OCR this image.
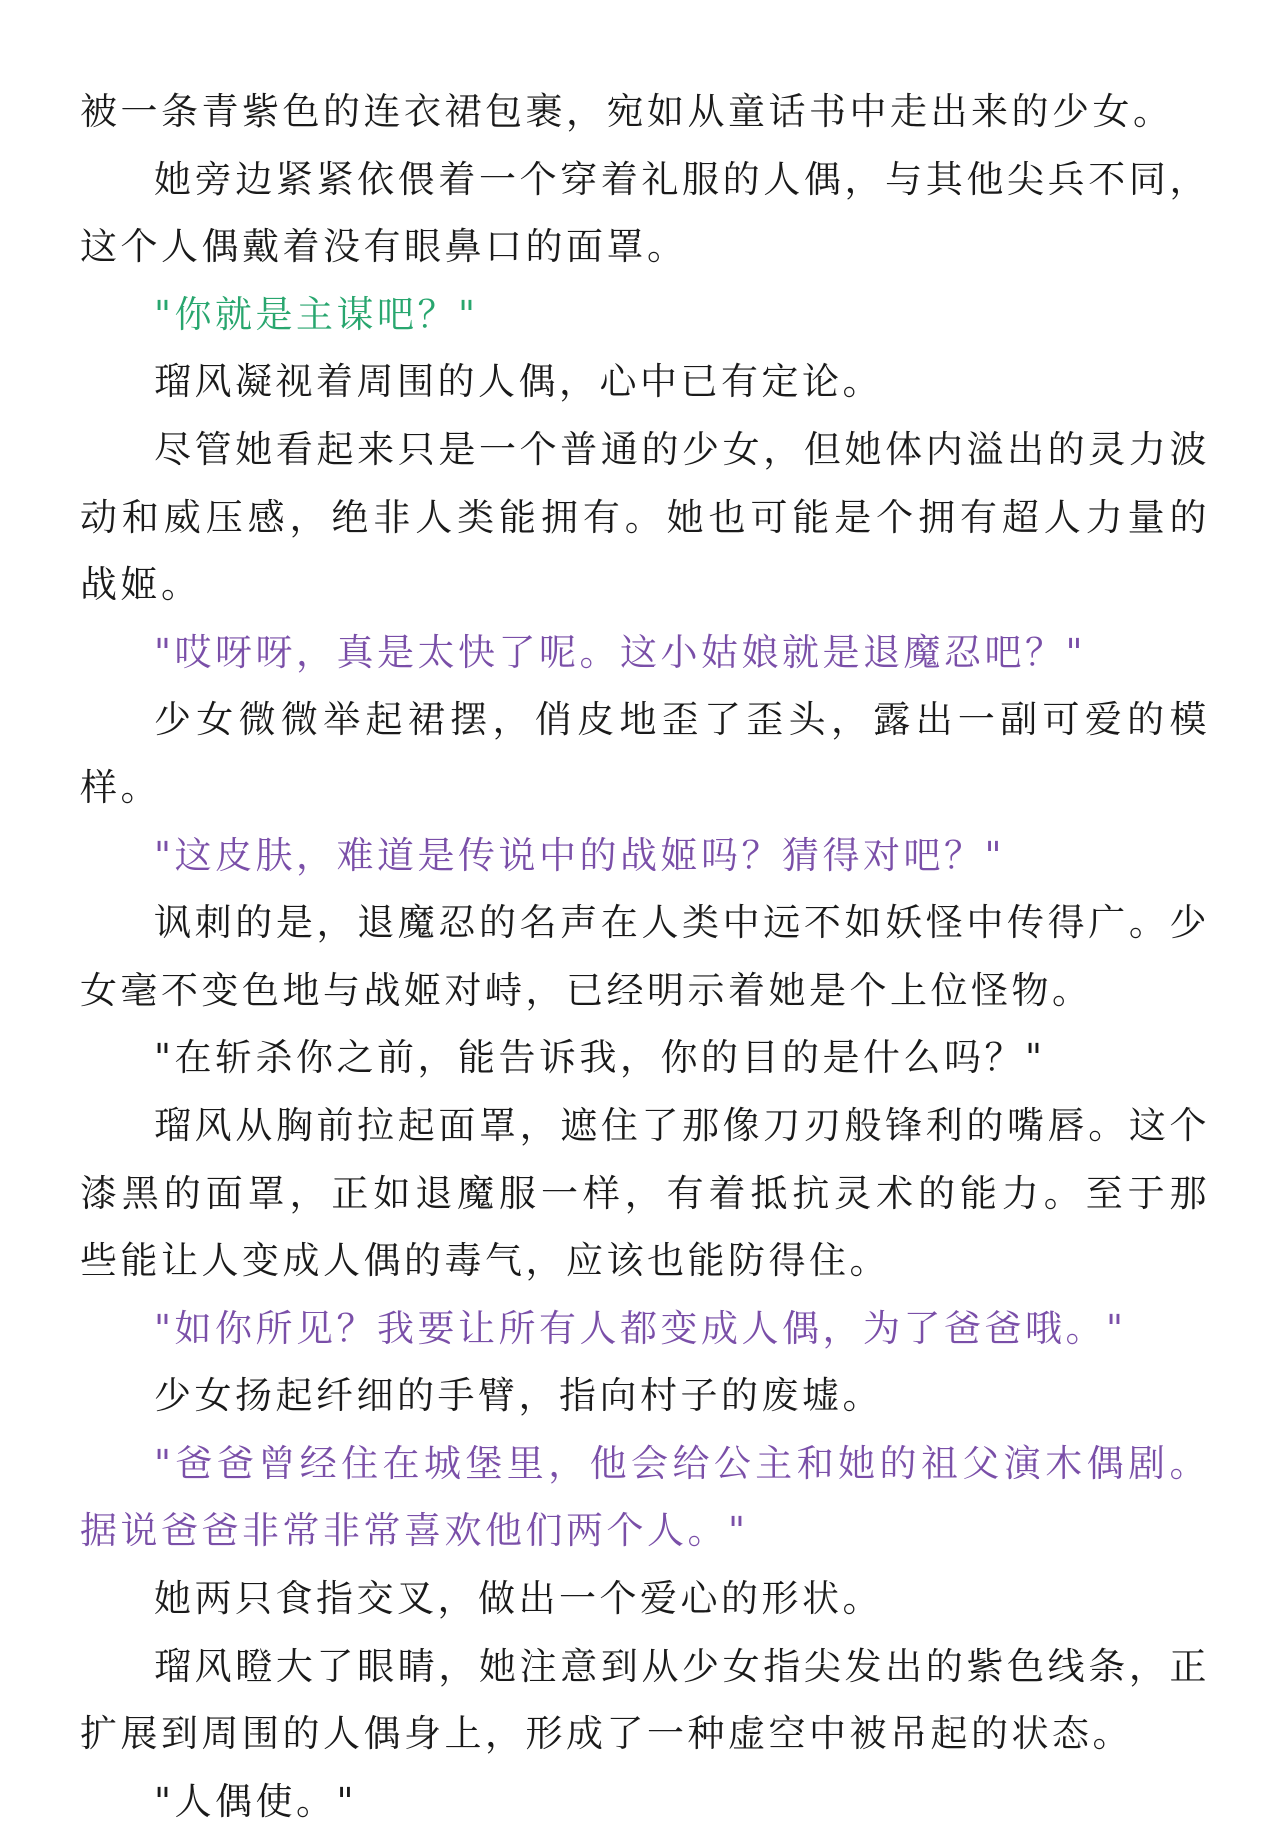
被一条青紫色的连衣裙包裹，宛如从童话书中走出来的少女。

她旁边紧紧依偎着一个穿着礼服的人偶，与其他尖兵不同，这个人偶戴着没有眼鼻口的面罩。

"你就是主谋吧？"

瑠风凝视着周围的人偶，心中已有定论。

尽管她看起来只是一个普通的少女，但她体内溢出的灵力波动和威压感，绝非人类能拥有。她也可能是个拥有超人力量的战姬。

"哎呀呀，真是太快了呢。这小姑娘就是退魔忍吧？"

少女微微举起裙摆，俏皮地歪了歪头，露出一副可爱的模样。

"这皮肤，难道是传说中的战姬吗？猜得对吧？"

讽刺的是，退魔忍的名声在人类中远不如妖怪中传得广。少女毫不变色地与战姬对峙，已经明示着她是个上位怪物。

"在斩杀你之前，能告诉我，你的目的是什么吗？"

瑠风从胸前拉起面罩，遮住了那像刀刃般锋利的嘴唇。这个漆黑的面罩，正如退魔服一样，有着抵抗灵术的能力。至于那些能让人变成人偶的毒气，应该也能防得住。

"如你所见？我要让所有人都变成人偶，为了爸爸哦。"

少女扬起纤细的手臂，指向村子的废墟。

"爸爸曾经住在城堡里，他会给公主和她的祖父演木偶剧。据说爸爸非常非常喜欢他们两个人。"

她两只食指交叉，做出一个爱心的形状。

瑠风瞪大了眼睛，她注意到从少女指尖发出的紫色线条，正扩展到周围的人偶身上，形成了一种虚空中被吊起的状态。

"人偶使。"
